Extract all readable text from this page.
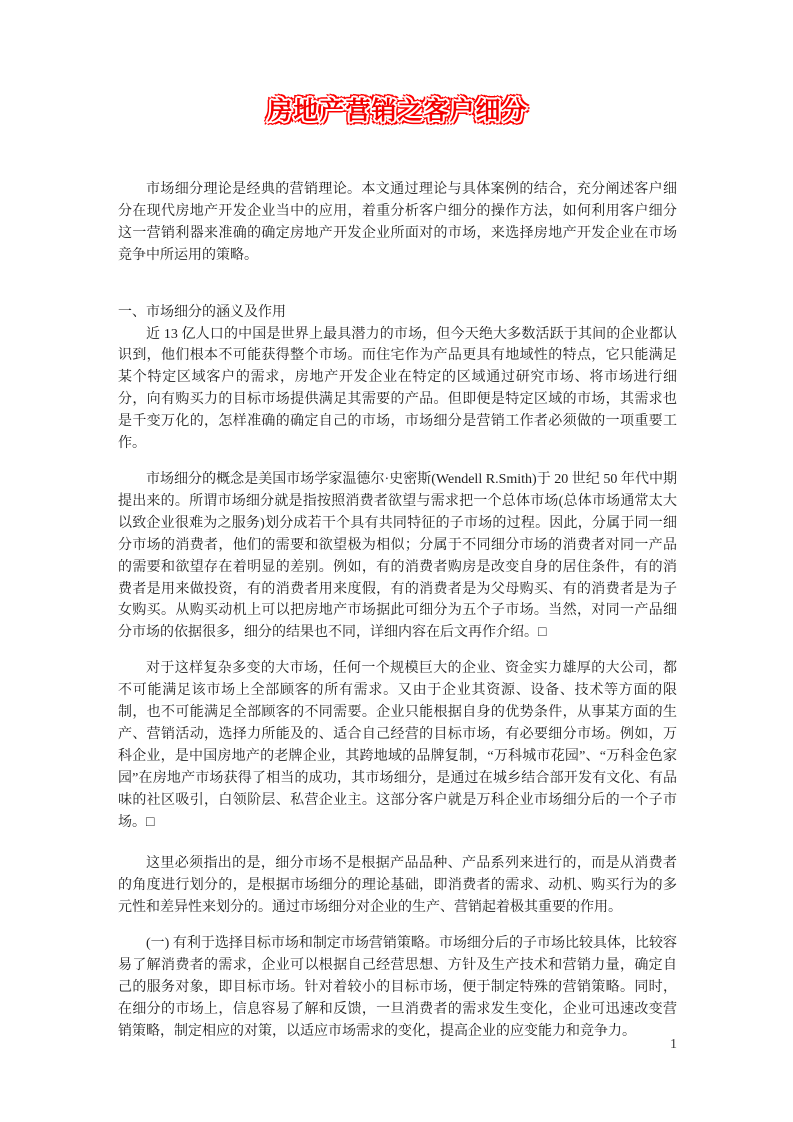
房地产营销之客户细分

市场细分理论是经典的营销理论。本文通过理论与具体案例的结合，充分阐述客户细分在现代房地产开发企业当中的应用，着重分析客户细分的操作方法，如何利用客户细分这一营销利器来准确的确定房地产开发企业所面对的市场，来选择房地产开发企业在市场竞争中所运用的策略。

一、市场细分的涵义及作用

近 13 亿人口的中国是世界上最具潜力的市场，但今天绝大多数活跃于其间的企业都认识到，他们根本不可能获得整个市场。而住宅作为产品更具有地域性的特点，它只能满足某个特定区域客户的需求，房地产开发企业在特定的区域通过研究市场、将市场进行细分，向有购买力的目标市场提供满足其需要的产品。但即便是特定区域的市场，其需求也是千变万化的，怎样准确的确定自己的市场，市场细分是营销工作者必须做的一项重要工作。

市场细分的概念是美国市场学家温德尔·史密斯(Wendell R.Smith)于 20 世纪 50 年代中期提出来的。所谓市场细分就是指按照消费者欲望与需求把一个总体市场(总体市场通常太大以致企业很难为之服务)划分成若干个具有共同特征的子市场的过程。因此，分属于同一细分市场的消费者，他们的需要和欲望极为相似；分属于不同细分市场的消费者对同一产品的需要和欲望存在着明显的差别。例如，有的消费者购房是改变自身的居住条件，有的消费者是用来做投资，有的消费者用来度假，有的消费者是为父母购买、有的消费者是为子女购买。从购买动机上可以把房地产市场据此可细分为五个子市场。当然，对同一产品细分市场的依据很多，细分的结果也不同，详细内容在后文再作介绍。□

对于这样复杂多变的大市场，任何一个规模巨大的企业、资金实力雄厚的大公司，都不可能满足该市场上全部顾客的所有需求。又由于企业其资源、设备、技术等方面的限制，也不可能满足全部顾客的不同需要。企业只能根据自身的优势条件，从事某方面的生产、营销活动，选择力所能及的、适合自己经营的目标市场，有必要细分市场。例如，万科企业，是中国房地产的老牌企业，其跨地域的品牌复制，“万科城市花园”、“万科金色家园”在房地产市场获得了相当的成功，其市场细分，是通过在城乡结合部开发有文化、有品味的社区吸引，白领阶层、私营企业主。这部分客户就是万科企业市场细分后的一个子市场。□

这里必须指出的是，细分市场不是根据产品品种、产品系列来进行的，而是从消费者的角度进行划分的，是根据市场细分的理论基础，即消费者的需求、动机、购买行为的多元性和差异性来划分的。通过市场细分对企业的生产、营销起着极其重要的作用。

(一) 有利于选择目标市场和制定市场营销策略。市场细分后的子市场比较具体，比较容易了解消费者的需求，企业可以根据自己经营思想、方针及生产技术和营销力量，确定自己的服务对象，即目标市场。针对着较小的目标市场，便于制定特殊的营销策略。同时，在细分的市场上，信息容易了解和反馈，一旦消费者的需求发生变化，企业可迅速改变营销策略，制定相应的对策，以适应市场需求的变化，提高企业的应变能力和竞争力。

1
